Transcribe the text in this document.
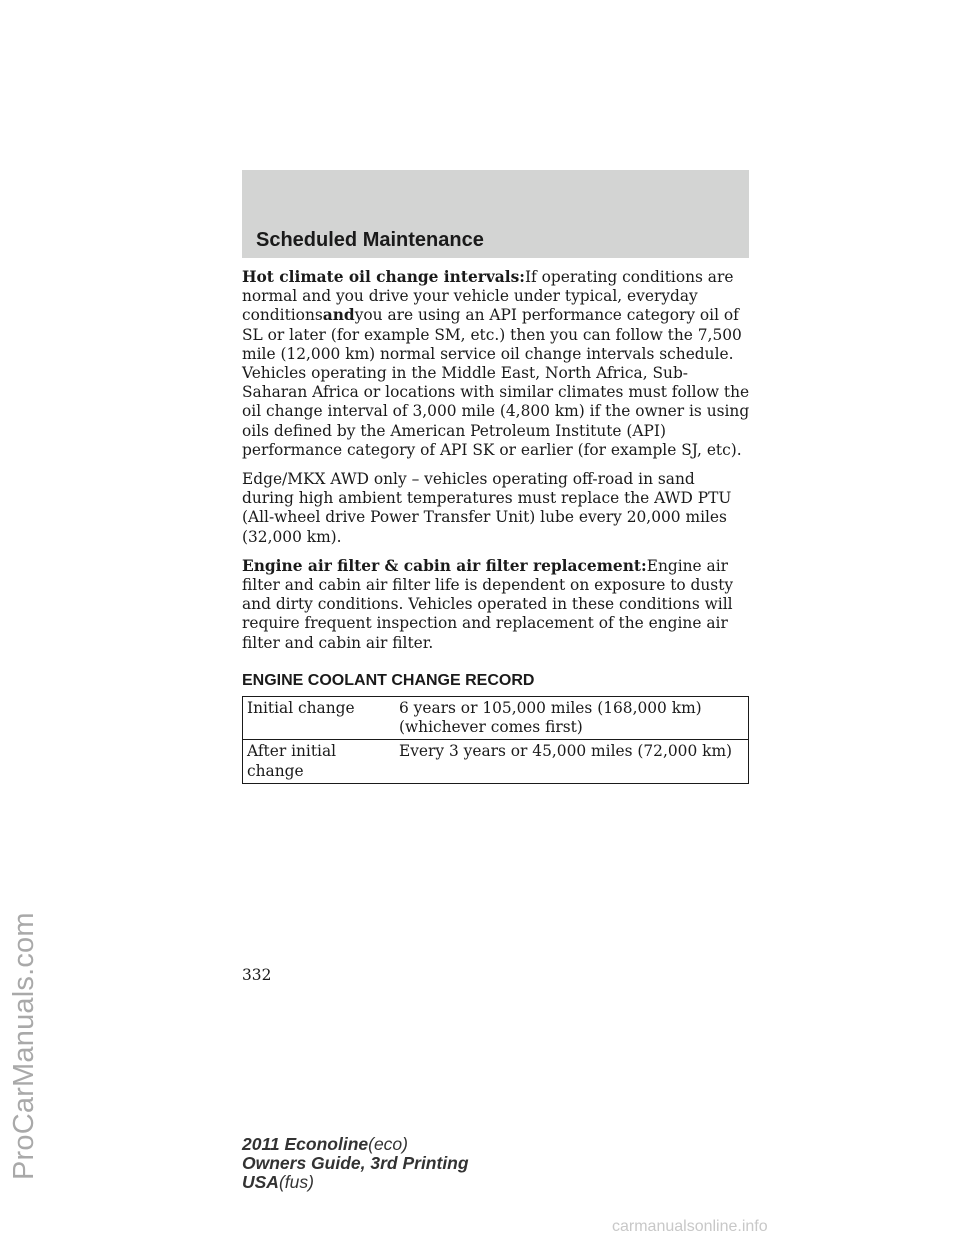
ProCarManuals.com
Scheduled Maintenance

Hot climate oil change intervals:If operating conditions are normal and you drive your vehicle under typical, everyday conditionsandyou are using an API performance category oil of SL or later (for example SM, etc.) then you can follow the 7,500 mile (12,000 km) normal service oil change intervals schedule. Vehicles operating in the Middle East, North Africa, Sub-Saharan Africa or locations with similar climates must follow the oil change interval of 3,000 mile (4,800 km) if the owner is using oils defined by the American Petroleum Institute (API) performance category of API SK or earlier (for example SJ, etc).

Edge/MKX AWD only – vehicles operating off-road in sand during high ambient temperatures must replace the AWD PTU (All-wheel drive Power Transfer Unit) lube every 20,000 miles (32,000 km).

Engine air filter & cabin air filter replacement:Engine air filter and cabin air filter life is dependent on exposure to dusty and dirty conditions. Vehicles operated in these conditions will require frequent inspection and replacement of the engine air filter and cabin air filter.

ENGINE COOLANT CHANGE RECORD
Initial change	6 years or 105,000 miles (168,000 km)
(whichever comes first)

After initial change	Every 3 years or 45,000 miles (72,000 km)
332
2011 Econoline(eco)
Owners Guide, 3rd Printing
USA(fus)
carmanualsonline.info
